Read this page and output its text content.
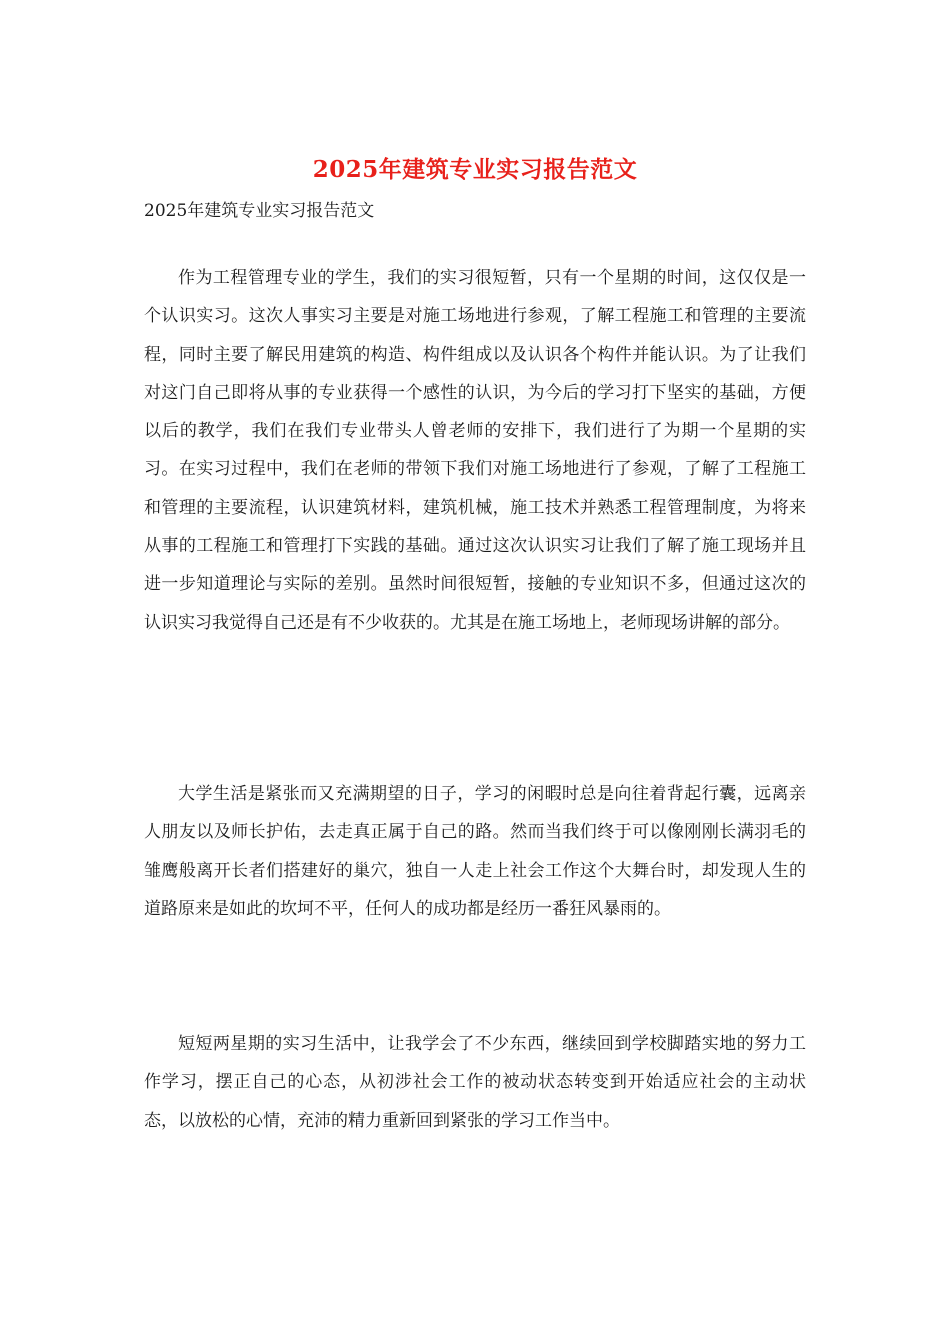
2025年建筑专业实习报告范文

2025年建筑专业实习报告范文

作为工程管理专业的学生，我们的实习很短暂，只有一个星期的时间，这仅仅是一个认识实习。这次人事实习主要是对施工场地进行参观，了解工程施工和管理的主要流程，同时主要了解民用建筑的构造、构件组成以及认识各个构件并能认识。为了让我们对这门自己即将从事的专业获得一个感性的认识，为今后的学习打下坚实的基础，方便以后的教学，我们在我们专业带头人曾老师的安排下，我们进行了为期一个星期的实习。在实习过程中，我们在老师的带领下我们对施工场地进行了参观，了解了工程施工和管理的主要流程，认识建筑材料，建筑机械，施工技术并熟悉工程管理制度，为将来从事的工程施工和管理打下实践的基础。通过这次认识实习让我们了解了施工现场并且进一步知道理论与实际的差别。虽然时间很短暂，接触的专业知识不多，但通过这次的认识实习我觉得自己还是有不少收获的。尤其是在施工场地上，老师现场讲解的部分。

大学生活是紧张而又充满期望的日子，学习的闲暇时总是向往着背起行囊，远离亲人朋友以及师长护佑，去走真正属于自己的路。然而当我们终于可以像刚刚长满羽毛的雏鹰般离开长者们搭建好的巢穴，独自一人走上社会工作这个大舞台时，却发现人生的道路原来是如此的坎坷不平，任何人的成功都是经历一番狂风暴雨的。

短短两星期的实习生活中，让我学会了不少东西，继续回到学校脚踏实地的努力工作学习，摆正自己的心态，从初涉社会工作的被动状态转变到开始适应社会的主动状态，以放松的心情，充沛的精力重新回到紧张的学习工作当中。
